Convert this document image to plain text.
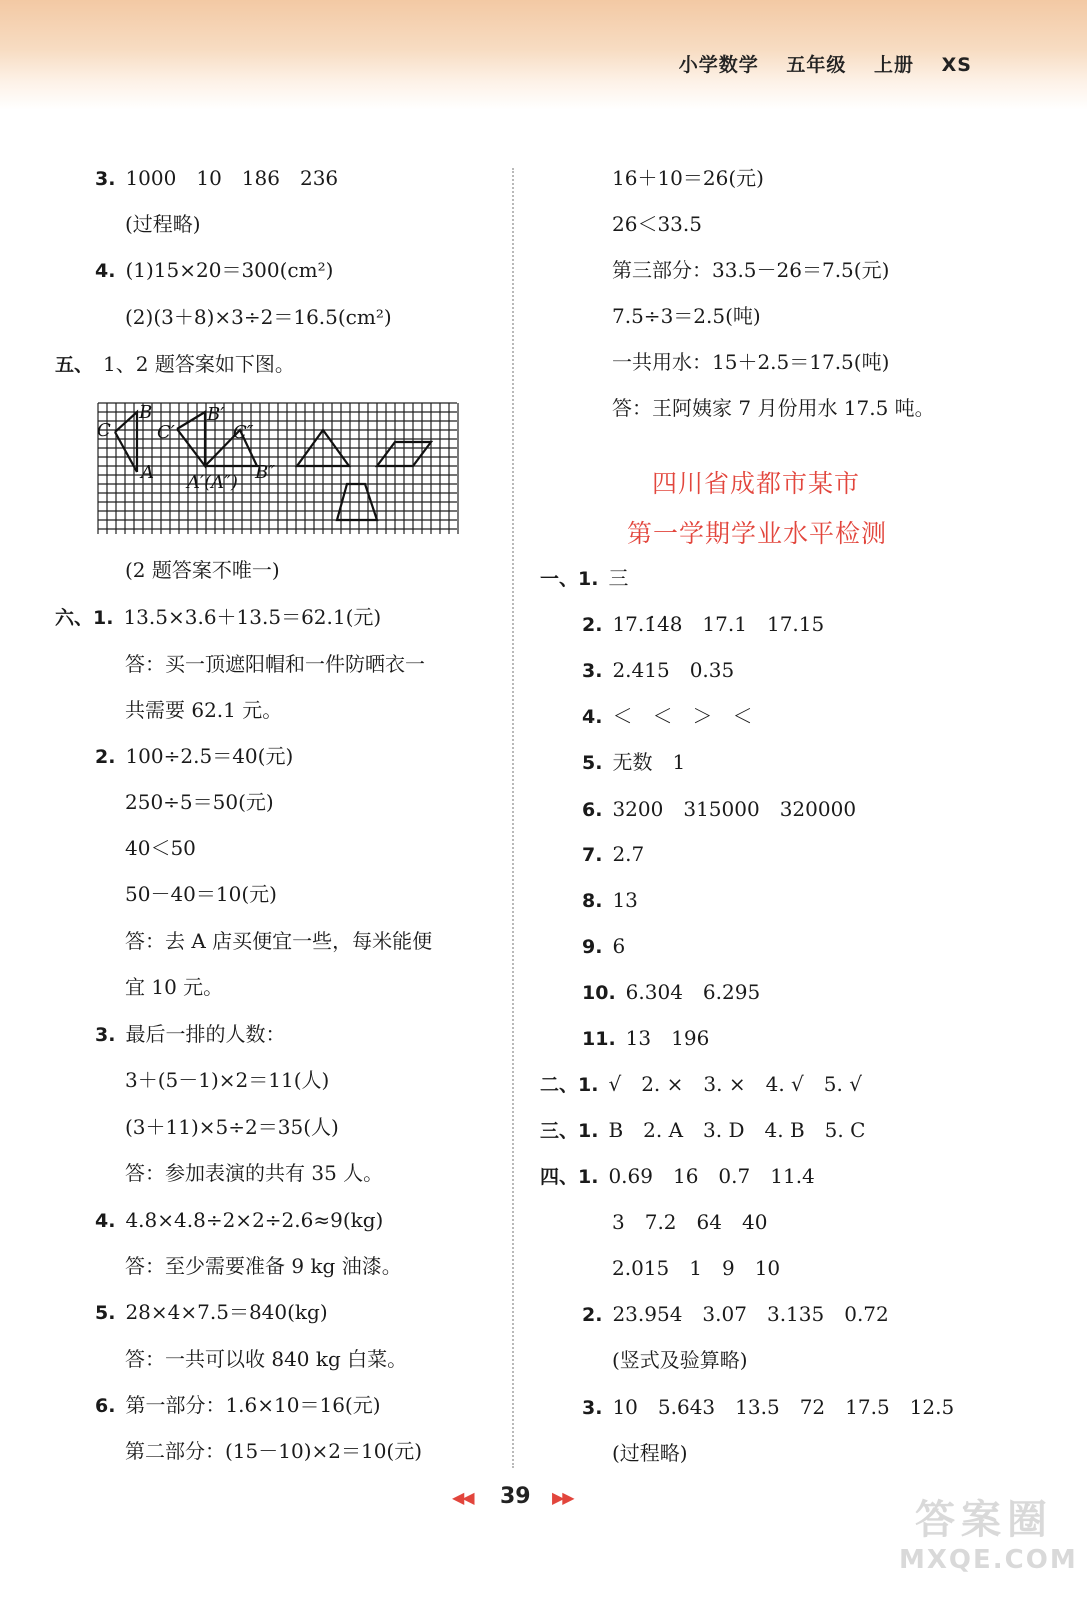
小学数学 五年级 上册 XS
3. 1000　10　186　236
(过程略)
4. (1)15×20＝300(cm²)
(2)(3＋8)×3÷2＝16.5(cm²)
五、 1、2 题答案如下图。
(2 题答案不唯一)
六、1. 13.5×3.6＋13.5＝62.1(元)
答：买一顶遮阳帽和一件防晒衣一
共需要 62.1 元。
2. 100÷2.5＝40(元)
250÷5＝50(元)
40＜50
50－40＝10(元)
答：去 A 店买便宜一些，每米能便
宜 10 元。
3. 最后一排的人数：
3＋(5－1)×2＝11(人)
(3＋11)×5÷2＝35(人)
答：参加表演的共有 35 人。
4. 4.8×4.8÷2×2÷2.6≈9(kg)
答：至少需要准备 9 kg 油漆。
5. 28×4×7.5＝840(kg)
答：一共可以收 840 kg 白菜。
6. 第一部分：1.6×10＝16(元)
第二部分：(15－10)×2＝10(元)
C
B
A
C′
B′
C″
A′(A″) B″
16＋10＝26(元)
26＜33.5
第三部分：33.5－26＝7.5(元)
7.5÷3＝2.5(吨)
一共用水：15＋2.5＝17.5(吨)
答：王阿姨家 7 月份用水 17.5 吨。
四川省成都市某市
第一学期学业水平检测
一、1. 三
2. 17.1̇4̇8　17.1　17.15
3. 2.415　0.35
4. ＜　＜　＞　＜
5. 无数　1
6. 3200　315000　320000
7. 2.7
8. 13
9. 6
10. 6.304　6.295
11. 13　196
二、1. √　2. ×　3. ×　4. √　5. √
三、1. B　2. A　3. D　4. B　5. C
四、1. 0.69　16　0.7　11.4
3　7.2　64　40
2.015　1　9　10
2. 23.954　3.07　3.135　0.72
(竖式及验算略)
3. 10　5.643　13.5　72　17.5　12.5
(过程略)
◀◀ 39 ▶▶	答案圈
MXQE.COM
